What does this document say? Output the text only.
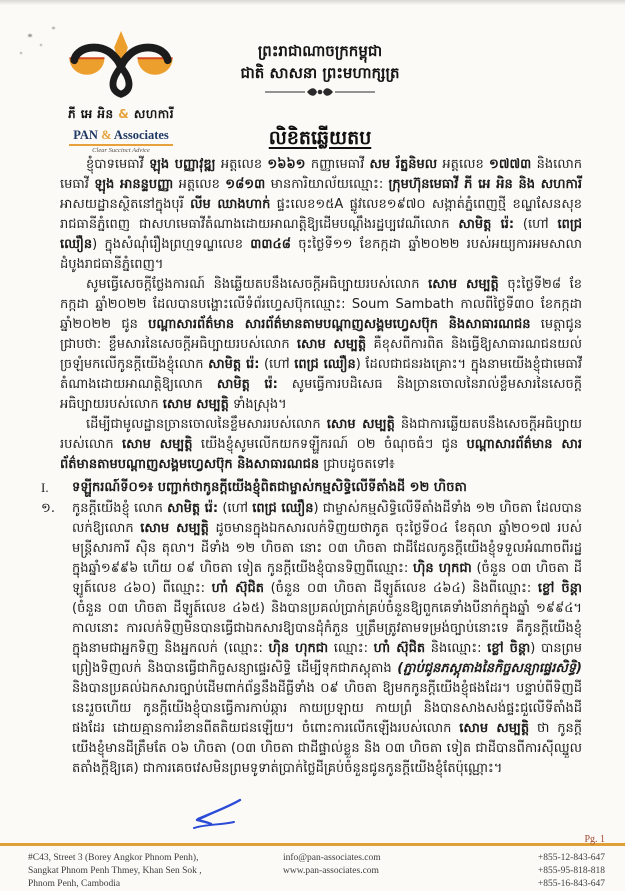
ភី អេ អិន & សហការី
PAN & Associates
Clear Succinct Advice
ព្រះរាជាណាចក្រកម្ពុជា
ជាតិ សាសនា ព្រះមហាក្សត្រ
លិខិតឆ្លើយតប
ខ្ញុំបាទមេធាវី ឡុង បញ្ញាវុឌ្ឍ អត្តលេខ ១៦៦១ កញ្ញាមេធាវី សម រ័ត្ននិមល អត្តលេខ ១៧៧៣ និងលោកមេធាវី ឡុង អានន្ទបញ្ញា អត្តលេខ ១៨១៣ មានការិយាល័យឈ្មោះ: ក្រុមហ៊ុនមេធាវី ភី អេ អិន និង សហការី អាសយដ្ឋានស្ថិតនៅក្នុងបុរី លីម ឈាងហាក់ ផ្ទះលេខ១៥A ផ្លូវលេខ១៩៧០ សង្កាត់ភ្នំពេញថ្មី ខណ្ឌសែនសុខ រាជធានីភ្នំពេញ ជាសហមេធាវីតំណាងដោយអាណត្តិឱ្យដើមបណ្ដឹងរដ្ឋប្បវេណីលោក សាមិត្ត រ៉េ: (ហៅ ពេជ្រ ឈឿន) ក្នុងសំណុំរឿងព្រហ្មទណ្ឌលេខ ៣៣៤៨ ចុះថ្ងៃទី១១ ខែកក្កដា ឆ្នាំ២០២២ របស់អយ្យការអមសាលាដំបូងរាជធានីភ្នំពេញ។
សូមធ្វើសេចក្ដីថ្លែងការណ៍ និងឆ្លើយតបនឹងសេចក្ដីអធិប្បាយរបស់លោក សោម សម្បត្តិ ចុះថ្ងៃទី២៨ ខែកក្កដា ឆ្នាំ២០២២ ដែលបានបង្ហោះលើទំព័រហ្វេសប៊ុកឈ្មោះ: Soum Sambath កាលពីថ្ងៃទី៣០ ខែកក្កដា ឆ្នាំ២០២២ ជូន បណ្ដាសារព័ត៌មាន សារព័ត៌មានតាមបណ្ដាញសង្គមហ្វេសប៊ុក និងសាធារណជន មេត្តាជូនជ្រាបថា: ខ្លឹមសារនៃសេចក្ដីអធិប្បាយរបស់លោក សោម សម្បត្តិ គឺខុសពីការពិត និងធ្វើឱ្យសាធារណជនយល់ច្រឡំមកលើកូនក្ដីយើងខ្ញុំលោក សាមិត្ត រ៉េ: (ហៅ ពេជ្រ ឈឿន) ដែលជាជនរងគ្រោះ។ ក្នុងនាមយើងខ្ញុំជាមេធាវីតំណាងដោយអាណត្តិឱ្យលោក សាមិត្ត រ៉េ: សូមធ្វើការបដិសេធ និងច្រានចោលនៃរាល់ខ្លឹមសារនៃសេចក្ដីអធិប្បាយរបស់លោក សោម សម្បត្តិ ទាំងស្រុង។
ដើម្បីជាមូលដ្ឋានច្រានចោលនៃខ្លឹមសាររបស់លោក សោម សម្បត្តិ និងជាការឆ្លើយតបនឹងសេចក្ដីអធិប្បាយរបស់លោក សោម សម្បត្តិ យើងខ្ញុំសូមលើកយកទឡ្ហីករណ៍ ០២ ចំណុចធំៗ ជូន បណ្ដាសារព័ត៌មាន សារព័ត៌មានតាមបណ្ដាញសង្គមហ្វេសប៊ុក និងសាធារណជន ជ្រាបដូចតទៅ៖
I. ទឡ្ហីករណ៍ទី០១៖ បញ្ជាក់ថាកូនក្ដីយើងខ្ញុំពិតជាម្ចាស់កម្មសិទ្ធិលើទីតាំងដី ១២ ហិចតា
១. កូនក្ដីយើងខ្ញុំ លោក សាមិត្ត រ៉េ: (ហៅ ពេជ្រ ឈឿន) ជាម្ចាស់កម្មសិទ្ធិលើទីតាំងដីទាំង ១២ ហិចតា ដែលបានលក់ឱ្យលោក សោម សម្បត្តិ ដូចមានក្នុងឯកសារលក់ទិញយថាភូត ចុះថ្ងៃទី០៤ ខែតុលា ឆ្នាំ២០១៧ របស់មន្ត្រីសារការី ស៊ិន តុលា។ ដីទាំង ១២ ហិចតា នោះ ០៣ ហិចតា ជាដីដែលកូនក្ដីយើងខ្ញុំទទួលអំណាចពីរដ្ឋក្នុងឆ្នាំ១៩៩៦ ហើយ ០៩ ហិចតា ទៀត កូនក្ដីយើងខ្ញុំបានទិញពីឈ្មោះ: ហ៊ិន ហុកជា (ចំនួន ០៣ ហិចតា ដីឡូត៍លេខ ៤៦០) ពីឈ្មោះ: ហាំ ស៊ុជិត (ចំនួន ០៣ ហិចតា ដីឡូត៍លេខ ៤៦៤) និងពីឈ្មោះ: ខ្លៅ ចិន្ដា (ចំនួន ០៣ ហិចតា ដីឡូត៍លេខ ៤៦៥) និងបានប្រគល់ប្រាក់គ្រប់ចំនួនឱ្យពួកគេទាំងបីនាក់ក្នុងឆ្នាំ ១៩៩៤។ កាលនោះ ការលក់ទិញមិនបានធ្វើជាឯកសារឱ្យបានដុំកំភួន ឬត្រឹមត្រូវតាមទម្រង់ច្បាប់នោះទេ គឺកូនក្ដីយើងខ្ញុំ ក្នុងនាមជាអ្នកទិញ និងអ្នកលក់ (ឈ្មោះ: ហ៊ិន ហុកជា ឈ្មោះ: ហាំ ស៊ុជិត និងឈ្មោះ: ខ្លៅ ចិន្ដា) បានព្រមព្រៀងទិញលក់ និងបានធ្វើជាកិច្ចសន្យាផ្ទេរសិទ្ធិ ដើម្បីទុកជាភស្តុតាង (ភ្ជាប់ជូនភស្តុតាងនៃកិច្ចសន្យាផ្ទេរសិទ្ធិ) និងបានប្រគល់ឯកសារច្បាប់ដើមពាក់ព័ន្ធនឹងដីធ្លីទាំង ០៩ ហិចតា ឱ្យមកកូនក្ដីយើងខ្ញុំផងដែរ។ បន្ទាប់ពីទិញដីនេះរួចហើយ កូនក្ដីយើងខ្ញុំបានធ្វើការកាប់ឆ្ការ កាយប្រឡាយ កាយព្រំ និងបានសាងសង់ផ្ទះជួលើទីតាំងដីផងដែរ ដោយគ្មានការរំខានពីតតិយជនឡើយ។ ចំពោះការលើកឡើងរបស់លោក សោម សម្បត្តិ ថា កូនក្ដីយើងខ្ញុំមានដីត្រឹមតែ ០៦ ហិចតា (០៣ ហិចតា ជាដីផ្ទាល់ខ្លួន និង ០៣ ហិចតា ទៀត ជាដីបានពីការស៊ីឈ្នួលតតាំងក្ដីឱ្យគេ) ជាការគេចវេសមិនព្រមទូទាត់ប្រាក់ថ្លៃដីគ្រប់ចំនួនជូនកូនក្ដីយើងខ្ញុំតែប៉ុណ្ណោះ។
Pg. 1
#C43, Street 3 (Borey Angkor Phnom Penh),
Sangkat Phnom Penh Thmey, Khan Sen Sok ,
Phnom Penh, Cambodia
info@pan-associates.com
www.pan-associates.com
+855-12-843-647
+855-95-818-818
+855-16-843-647
